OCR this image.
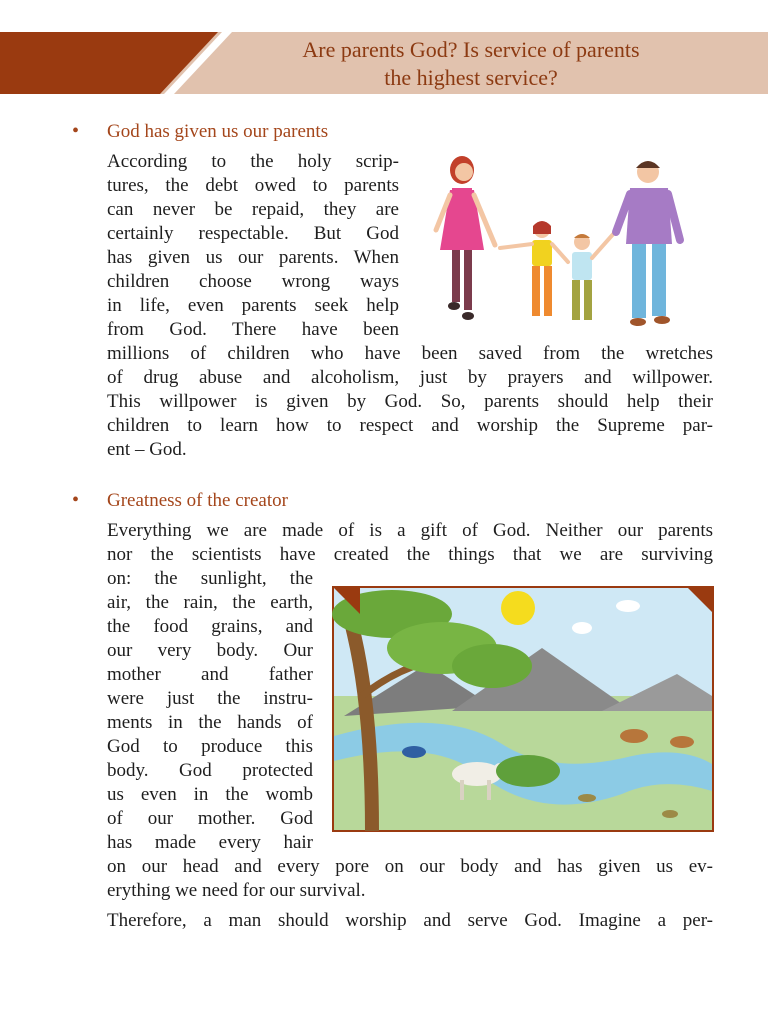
Are parents God? Is service of parents
the highest service?
• God has given us our parents
According to the holy scrip-
tures, the debt owed to parents
can never be repaid, they are
certainly respectable. But God
has given us our parents. When
children choose wrong ways
in life, even parents seek help
from God. There have been
millions of children who have been saved from the wretches
of drug abuse and alcoholism, just by prayers and willpower.
This willpower is given by God. So, parents should help their
children to learn how to respect and worship the Supreme par-
ent – God.
• Greatness of the creator
Everything we are made of is a gift of God. Neither our parents
nor the scientists have created the things that we are surviving
on: the sunlight, the
air, the rain, the earth,
the food grains, and
our very body. Our
mother and father
were just the instru-
ments in the hands of
God to produce this
body. God protected
us even in the womb
of our mother. God
has made every hair
on our head and every pore on our body and has given us ev-
erything we need for our survival.
Therefore, a man should worship and serve God. Imagine a per-
